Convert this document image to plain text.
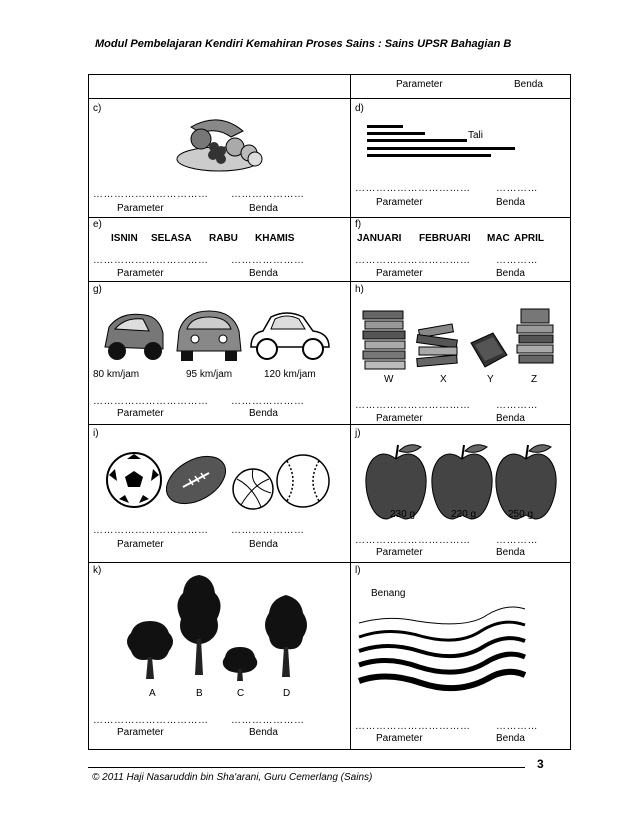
Modul Pembelajaran Kendiri Kemahiran Proses Sains : Sains UPSR Bahagian B
Parameter	Benda
c)
…………………………… …………………
Parameter	Benda
d)
Tali
……………………………	…………
Parameter	Benda
e)
ISNIN SELASA RABU KHAMIS
…………………………… …………………
Parameter	Benda
f)
JANUARI FEBRUARI MAC APRIL
……………………………	…………
Parameter	Benda
g)
80 km/jam	95 km/jam	120 km/jam
…………………………… …………………
Parameter	Benda
h)
W	X	Y	Z
……………………………	…………
Parameter	Benda
i)
…………………………… …………………
Parameter	Benda
j)
230 g	220 g	250 g
……………………………	…………
Parameter	Benda
k)
A	B	C	D
…………………………… …………………
Parameter	Benda
l)
Benang
……………………………	…………
Parameter	Benda
3
© 2011 Haji Nasaruddin bin Sha'arani, Guru Cemerlang (Sains)
